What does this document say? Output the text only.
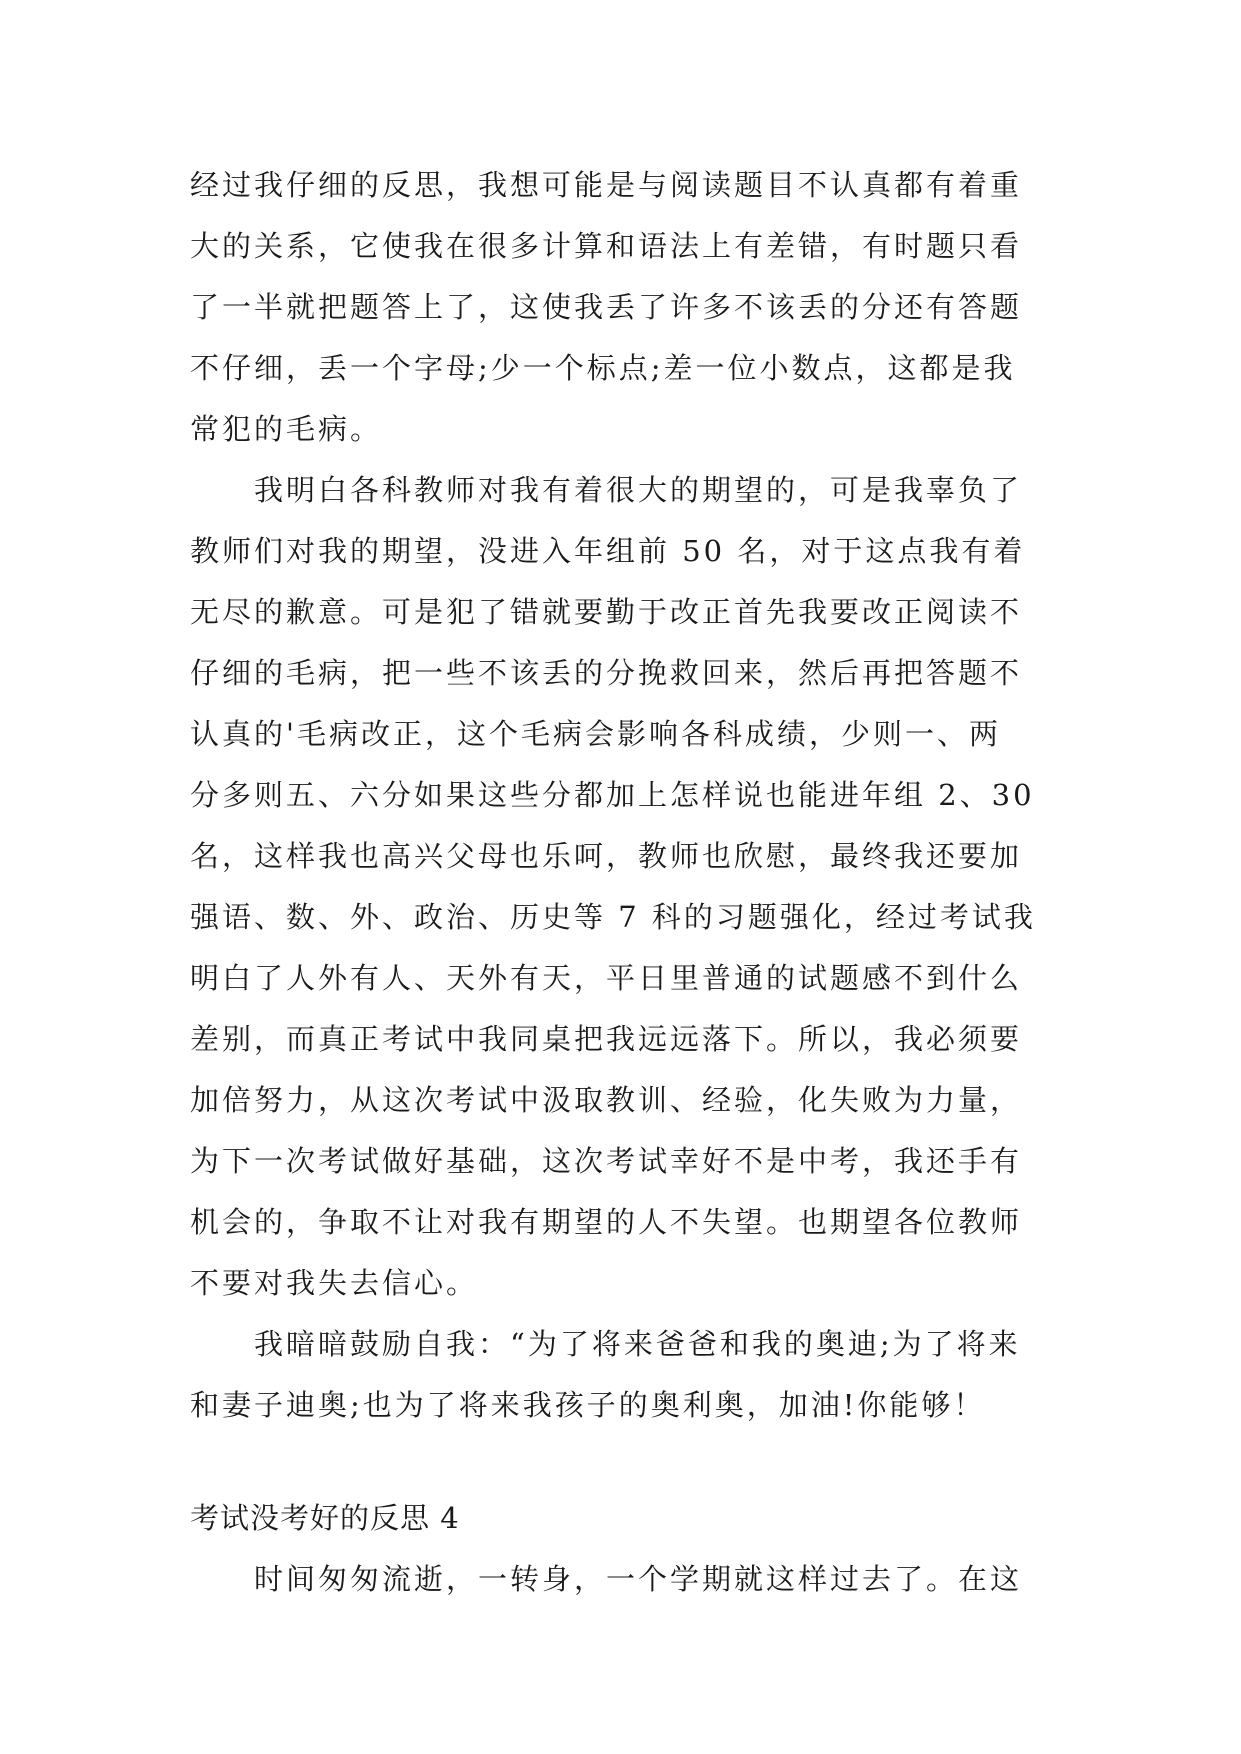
经过我仔细的反思，我想可能是与阅读题目不认真都有着重
大的关系，它使我在很多计算和语法上有差错，有时题只看
了一半就把题答上了，这使我丢了许多不该丢的分还有答题
不仔细，丢一个字母;少一个标点;差一位小数点，这都是我
常犯的毛病。
我明白各科教师对我有着很大的期望的，可是我辜负了
教师们对我的期望，没进入年组前 50 名，对于这点我有着
无尽的歉意。可是犯了错就要勤于改正首先我要改正阅读不
仔细的毛病，把一些不该丢的分挽救回来，然后再把答题不
认真的'毛病改正，这个毛病会影响各科成绩，少则一、两
分多则五、六分如果这些分都加上怎样说也能进年组 2、30
名，这样我也高兴父母也乐呵，教师也欣慰，最终我还要加
强语、数、外、政治、历史等 7 科的习题强化，经过考试我
明白了人外有人、天外有天，平日里普通的试题感不到什么
差别，而真正考试中我同桌把我远远落下。所以，我必须要
加倍努力，从这次考试中汲取教训、经验，化失败为力量，
为下一次考试做好基础，这次考试幸好不是中考，我还手有
机会的，争取不让对我有期望的人不失望。也期望各位教师
不要对我失去信心。
我暗暗鼓励自我：“为了将来爸爸和我的奥迪;为了将来
和妻子迪奥;也为了将来我孩子的奥利奥，加油!你能够！
考试没考好的反思 4
时间匆匆流逝，一转身，一个学期就这样过去了。在这
